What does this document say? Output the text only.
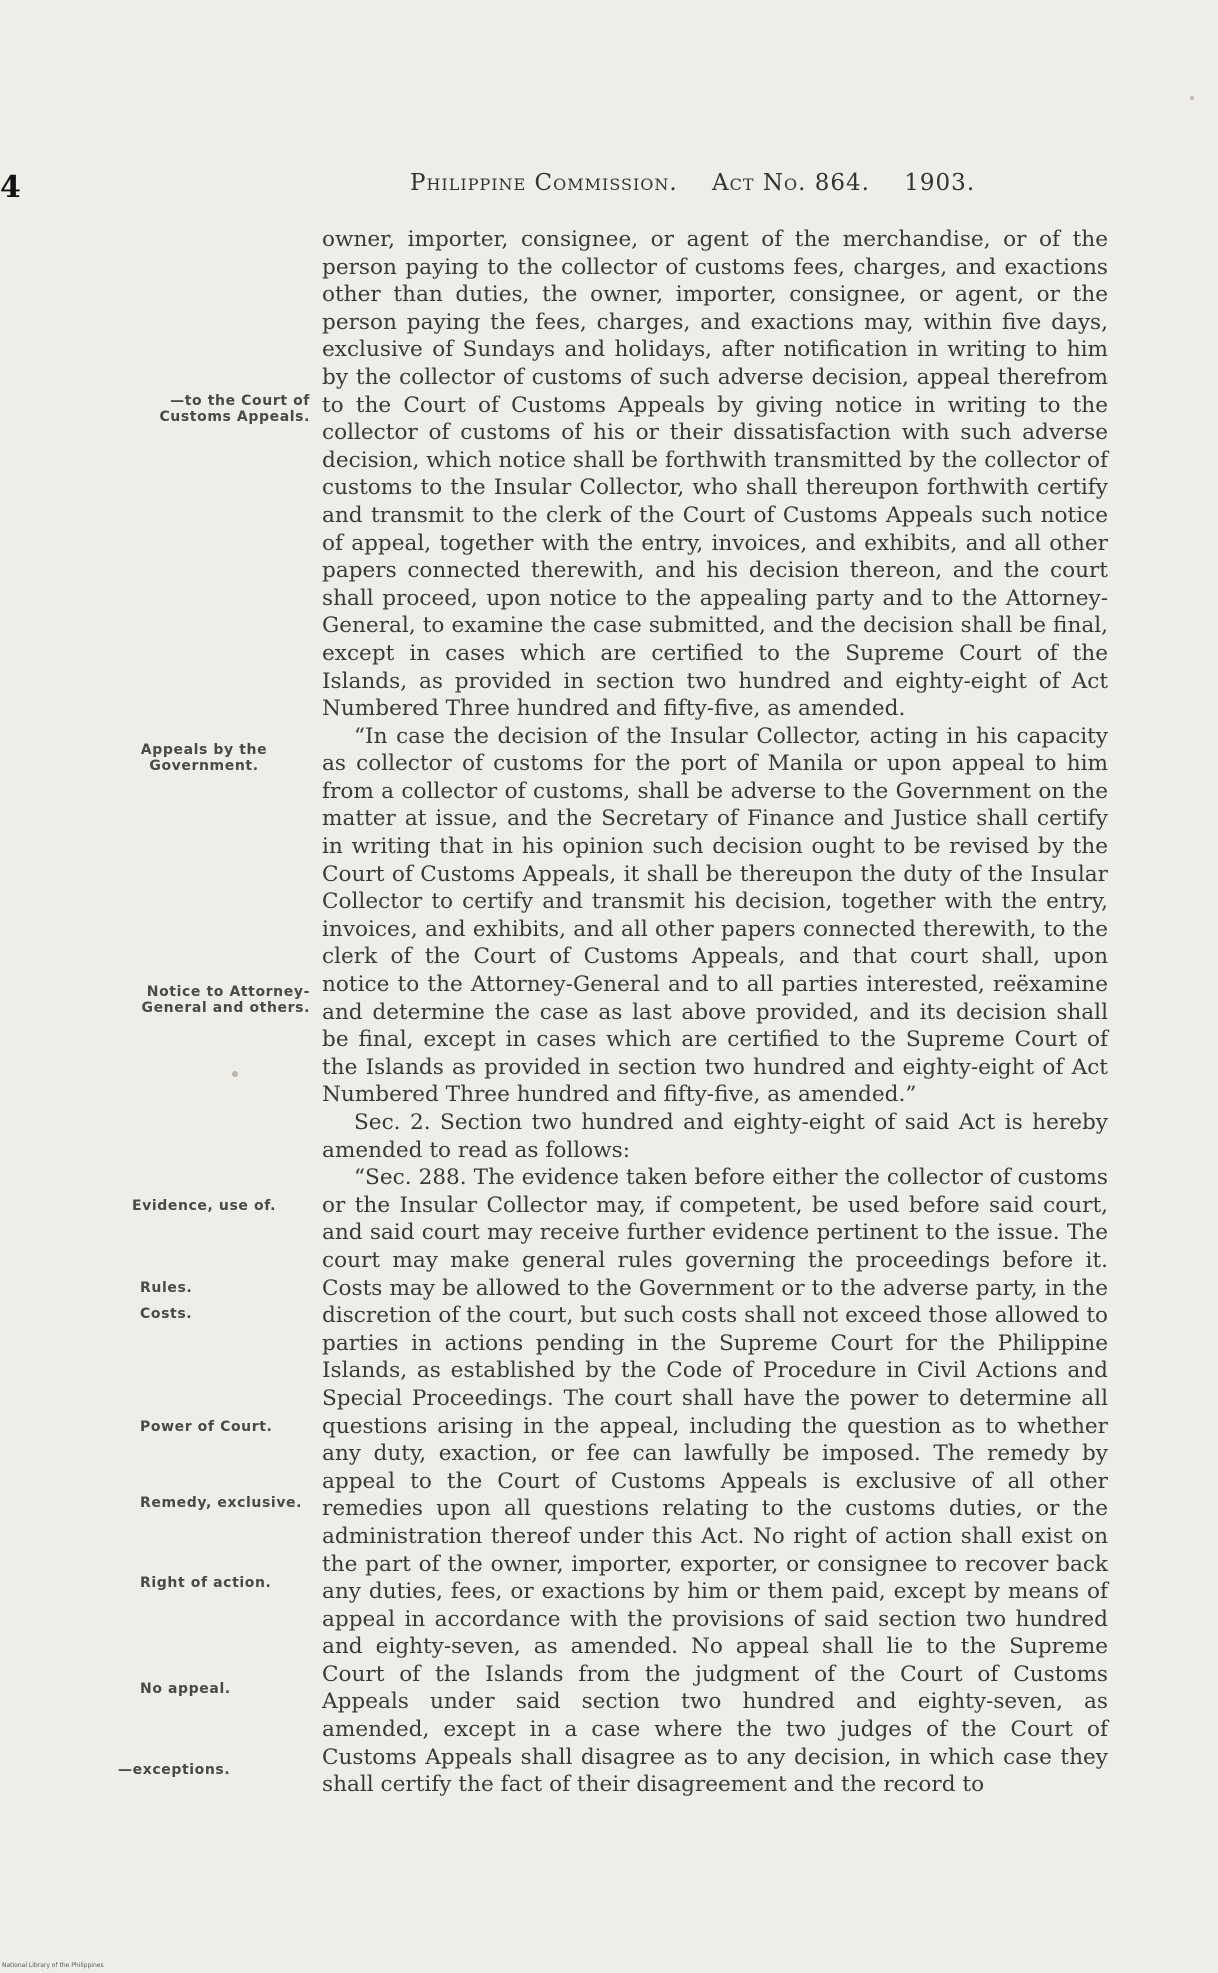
4	Philippine Commission. Act No. 864. 1903.
—to the Court of Customs Appeals.
Appeals by the Government.
Notice to Attorney-General and others.
Evidence, use of.
Rules.
Costs.
Power of Court.
Remedy, exclusive.
Right of action.
No appeal.
—exceptions.

owner, importer, consignee, or agent of the merchandise, or of the person paying to the collector of customs fees, charges, and exactions other than duties, the owner, importer, consignee, or agent, or the person paying the fees, charges, and exactions may, within five days, exclusive of Sundays and holidays, after notification in writing to him by the collector of customs of such adverse decision, appeal therefrom to the Court of Customs Appeals by giving notice in writing to the collector of customs of his or their dissatisfaction with such adverse decision, which notice shall be forthwith transmitted by the collector of customs to the Insular Collector, who shall thereupon forthwith certify and transmit to the clerk of the Court of Customs Appeals such notice of appeal, together with the entry, invoices, and exhibits, and all other papers connected therewith, and his decision thereon, and the court shall proceed, upon notice to the appealing party and to the Attorney-General, to examine the case submitted, and the decision shall be final, except in cases which are certified to the Supreme Court of the Islands, as provided in section two hundred and eighty-eight of Act Numbered Three hundred and fifty-five, as amended.

“In case the decision of the Insular Collector, acting in his capacity as collector of customs for the port of Manila or upon appeal to him from a collector of customs, shall be adverse to the Government on the matter at issue, and the Secretary of Finance and Justice shall certify in writing that in his opinion such decision ought to be revised by the Court of Customs Appeals, it shall be thereupon the duty of the Insular Collector to certify and transmit his decision, together with the entry, invoices, and exhibits, and all other papers connected therewith, to the clerk of the Court of Customs Appeals, and that court shall, upon notice to the Attorney-General and to all parties interested, reëxamine and determine the case as last above provided, and its decision shall be final, except in cases which are certified to the Supreme Court of the Islands as provided in section two hundred and eighty-eight of Act Numbered Three hundred and fifty-five, as amended.”

Sec. 2. Section two hundred and eighty-eight of said Act is hereby amended to read as follows:

“Sec. 288. The evidence taken before either the collector of customs or the Insular Collector may, if competent, be used before said court, and said court may receive further evidence pertinent to the issue. The court may make general rules governing the proceedings before it. Costs may be allowed to the Government or to the adverse party, in the discretion of the court, but such costs shall not exceed those allowed to parties in actions pending in the Supreme Court for the Philippine Islands, as established by the Code of Procedure in Civil Actions and Special Proceedings. The court shall have the power to determine all questions arising in the appeal, including the question as to whether any duty, exaction, or fee can lawfully be imposed. The remedy by appeal to the Court of Customs Appeals is exclusive of all other remedies upon all questions relating to the customs duties, or the administration thereof under this Act. No right of action shall exist on the part of the owner, importer, exporter, or consignee to recover back any duties, fees, or exactions by him or them paid, except by means of appeal in accordance with the provisions of said section two hundred and eighty-seven, as amended. No appeal shall lie to the Supreme Court of the Islands from the judgment of the Court of Customs Appeals under said section two hundred and eighty-seven, as amended, except in a case where the two judges of the Court of Customs Appeals shall disagree as to any decision, in which case they shall certify the fact of their disagreement and the record to

National Library of the Philippines
